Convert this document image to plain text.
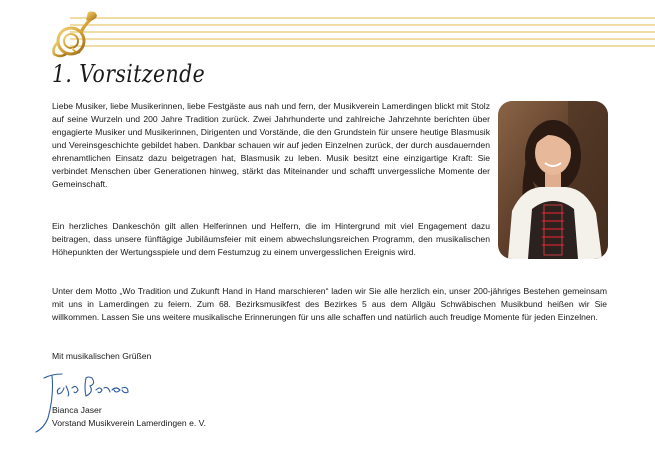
1. Vorsitzende

Liebe Musiker, liebe Musikerinnen, liebe Festgäste aus nah und fern, der Musikverein Lamerdingen blickt mit Stolz auf seine Wurzeln und 200 Jahre Tradition zurück. Zwei Jahrhunderte und zahlreiche Jahrzehnte berichten über engagierte Musiker und Musikerinnen, Dirigenten und Vorstände, die den Grundstein für unsere heutige Blasmusik und Vereinsgeschichte gebildet haben. Dankbar schauen wir auf jeden Einzelnen zurück, der durch ausdauernden ehrenamtlichen Einsatz dazu beigetragen hat, Blasmusik zu leben. Musik besitzt eine einzigartige Kraft: Sie verbindet Menschen über Generationen hinweg, stärkt das Miteinander und schafft unvergessliche Momente der Gemeinschaft.

Ein herzliches Dankeschön gilt allen Helferinnen und Helfern, die im Hintergrund mit viel Engagement dazu beitragen, dass unsere fünftägige Jubiläumsfeier mit einem abwechslungsreichen Programm, den musikalischen Höhepunkten der Wertungsspiele und dem Festumzug zu einem unvergesslichen Ereignis wird.

Unter dem Motto „Wo Tradition und Zukunft Hand in Hand marschieren“ laden wir Sie alle herzlich ein, unser 200-jähriges Bestehen gemeinsam mit uns in Lamerdingen zu feiern. Zum 68. Bezirksmusikfest des Bezirkes 5 aus dem Allgäu Schwäbischen Musikbund heißen wir Sie willkommen. Lassen Sie uns weitere musikalische Erinnerungen für uns alle schaffen und natürlich auch freudige Momente für jeden Einzelnen.

Mit musikalischen Grüßen
Bianca Jaser
Vorstand Musikverein Lamerdingen e. V.
